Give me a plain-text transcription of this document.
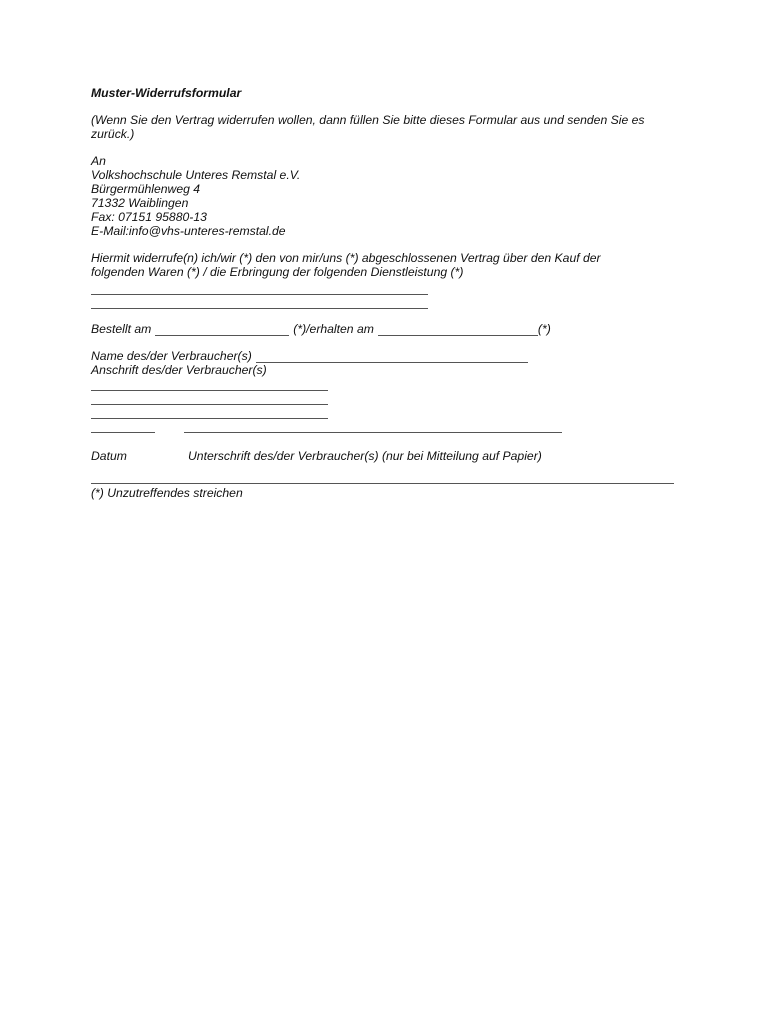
Muster-Widerrufsformular
(Wenn Sie den Vertrag widerrufen wollen, dann füllen Sie bitte dieses Formular aus und senden Sie es zurück.)
An
Volkshochschule Unteres Remstal e.V.
Bürgermühlenweg 4
71332 Waiblingen
Fax: 07151 95880-13
E-Mail:info@vhs-unteres-remstal.de
Hiermit widerrufe(n) ich/wir (*) den von mir/uns (*) abgeschlossenen Vertrag über den Kauf der
folgenden Waren (*) / die Erbringung der folgenden Dienstleistung (*)
Bestellt am	(*)/erhalten am	(*)
Name des/der Verbraucher(s)
Anschrift des/der Verbraucher(s)
Datum	Unterschrift des/der Verbraucher(s) (nur bei Mitteilung auf Papier)
(*) Unzutreffendes streichen
